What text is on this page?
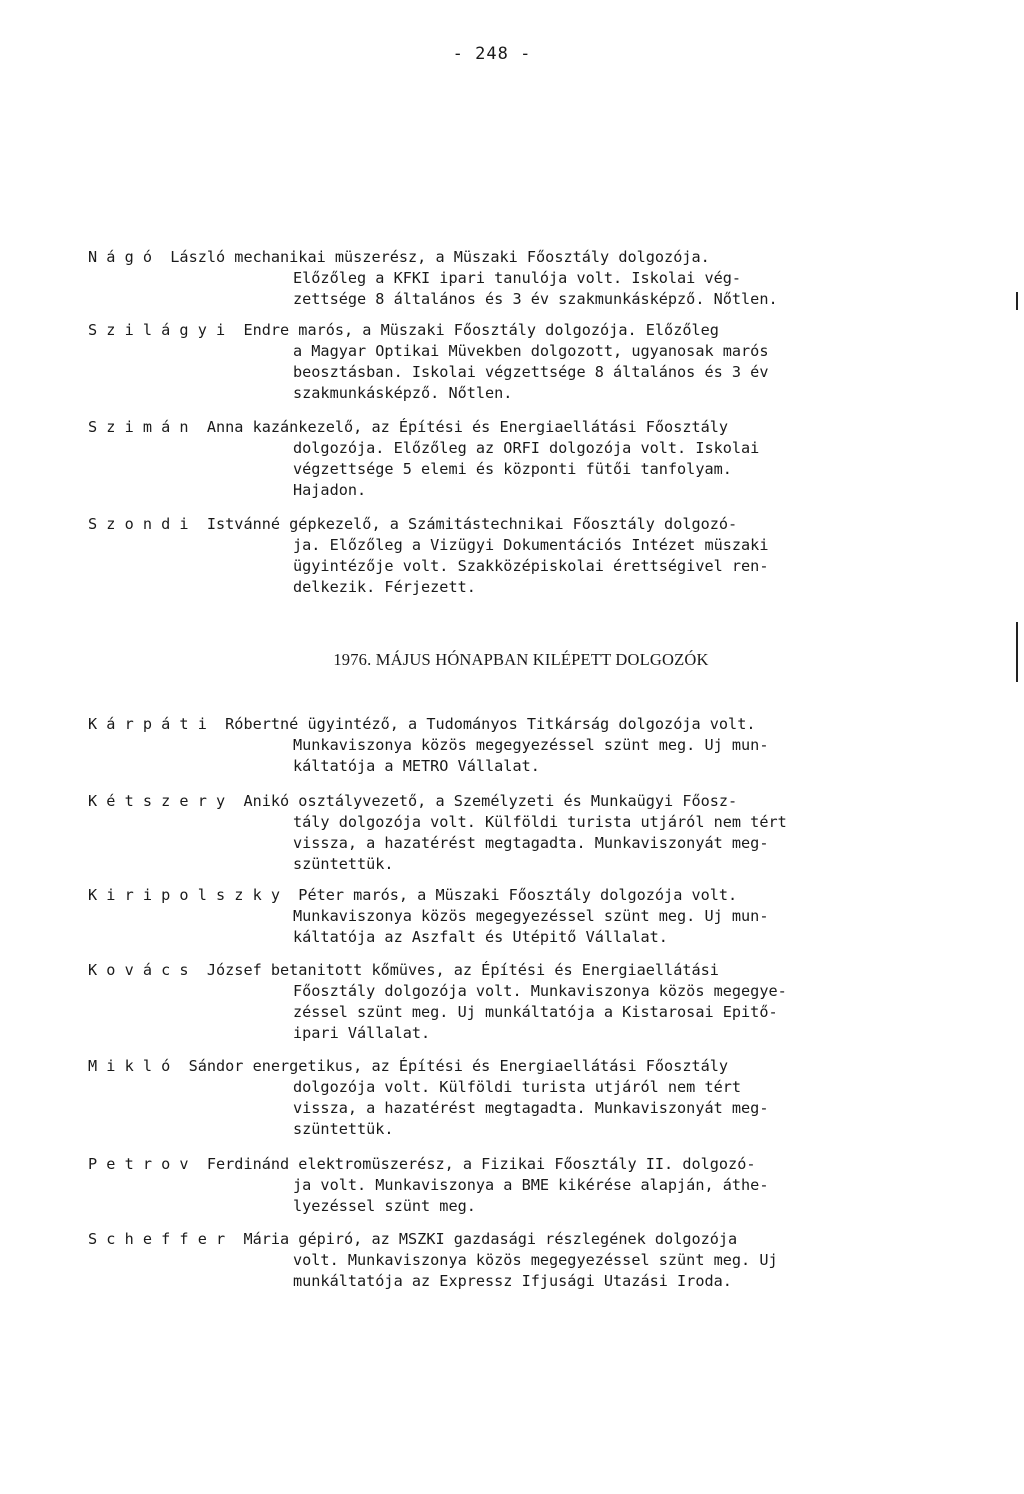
- 248 -
N á g ó  László mechanikai müszerész, a Müszaki Főosztály dolgozója.
Előzőleg a KFKI ipari tanulója volt. Iskolai vég-
zettsége 8 általános és 3 év szakmunkásképző. Nőtlen.
S z i l á g y i  Endre marós, a Müszaki Főosztály dolgozója. Előzőleg
a Magyar Optikai Müvekben dolgozott, ugyanosak marós
beosztásban. Iskolai végzettsége 8 általános és 3 év
szakmunkásképző. Nőtlen.
S z i m á n  Anna kazánkezelő, az Építési és Energiaellátási Főosztály
dolgozója. Előzőleg az ORFI dolgozója volt. Iskolai
végzettsége 5 elemi és központi fütői tanfolyam.
Hajadon.
S z o n d i  Istvánné gépkezelő, a Számitástechnikai Főosztály dolgozó-
ja. Előzőleg a Vizügyi Dokumentációs Intézet müszaki
ügyintézője volt. Szakközépiskolai érettségivel ren-
delkezik. Férjezett.
1976. MÁJUS HÓNAPBAN KILÉPETT DOLGOZÓK
K á r p á t i  Róbertné ügyintéző, a Tudományos Titkárság dolgozója volt.
Munkaviszonya közös megegyezéssel szünt meg. Uj mun-
káltatója a METRO Vállalat.
K é t s z e r y  Anikó osztályvezető, a Személyzeti és Munkaügyi Főosz-
tály dolgozója volt. Külföldi turista utjáról nem tért
vissza, a hazatérést megtagadta. Munkaviszonyát meg-
szüntettük.
K i r i p o l s z k y  Péter marós, a Müszaki Főosztály dolgozója volt.
Munkaviszonya közös megegyezéssel szünt meg. Uj mun-
káltatója az Aszfalt és Utépitő Vállalat.
K o v á c s  József betanitott kőmüves, az Építési és Energiaellátási
Főosztály dolgozója volt. Munkaviszonya közös megegye-
zéssel szünt meg. Uj munkáltatója a Kistarosai Epitő-
ipari Vállalat.
M i k l ó  Sándor energetikus, az Építési és Energiaellátási Főosztály
dolgozója volt. Külföldi turista utjáról nem tért
vissza, a hazatérést megtagadta. Munkaviszonyát meg-
szüntettük.
P e t r o v  Ferdinánd elektromüszerész, a Fizikai Főosztály II. dolgozó-
ja volt. Munkaviszonya a BME kikérése alapján, áthe-
lyezéssel szünt meg.
S c h e f f e r  Mária gépiró, az MSZKI gazdasági részlegének dolgozója
volt. Munkaviszonya közös megegyezéssel szünt meg. Uj
munkáltatója az Expressz Ifjusági Utazási Iroda.
